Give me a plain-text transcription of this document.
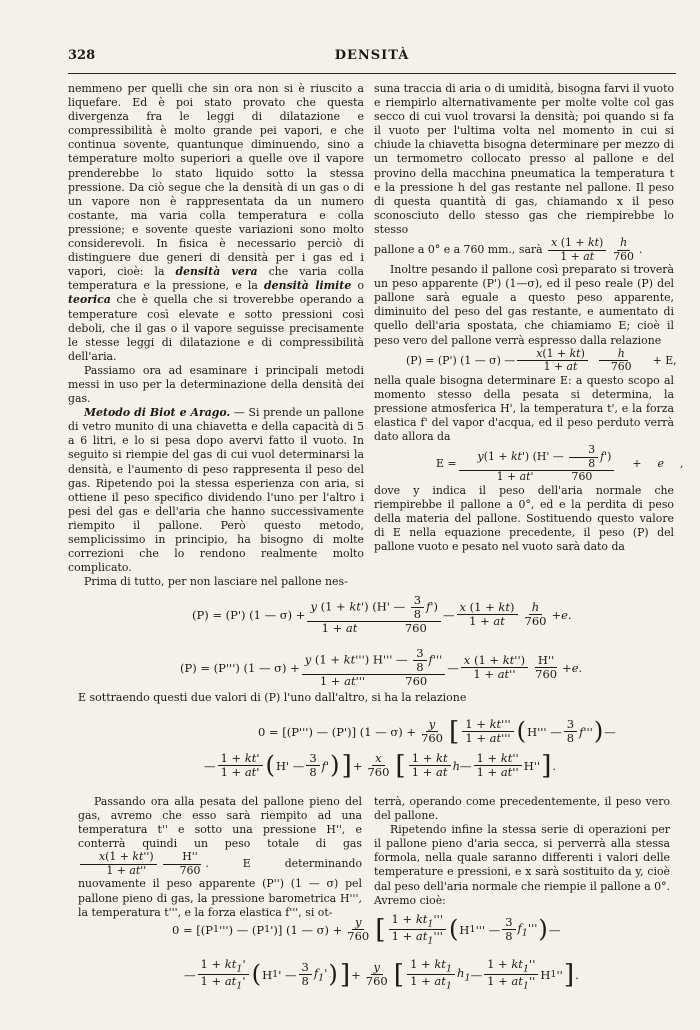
328	DENSITÀ

nemmeno per quelli che sin ora non si è riuscito a liquefare. Ed è poi stato provato che questa divergenza fra le leggi di dilatazione e compressibilità è molto grande pei vapori, e che continua sovente, quantunque diminuendo, sino a temperature molto superiori a quelle ove il vapore prenderebbe lo stato liquido sotto la stessa pressione. Da ciò segue che la densità di un gas o di un vapore non è rappresentata da un numero costante, ma varia colla temperatura e colla pressione; e sovente queste variazioni sono molto considerevoli. In fisica è necessario perciò di distinguere due generi di densità per i gas ed i vapori, cioè: la densità vera che varia colla temperatura e la pressione, e la densità limite o teorica che è quella che si troverebbe operando a temperature così elevate e sotto pressioni così deboli, che il gas o il vapore seguisse precisamente le stesse leggi di dilatazione e di compressibilità dell'aria.

Passiamo ora ad esaminare i principali metodi messi in uso per la determinazione della densità dei gas.

Metodo di Biot e Arago. — Si prende un pallone di vetro munito di una chiavetta e della capacità di 5 a 6 litri, e lo si pesa dopo avervi fatto il vuoto. In seguito si riempie del gas di cui vuol determinarsi la densità, e l'aumento di peso rappresenta il peso del gas. Ripetendo poi la stessa esperienza con aria, si ottiene il peso specifico dividendo l'uno per l'altro i pesi del gas e dell'aria che hanno successivamente riempito il pallone. Però questo metodo, semplicissimo in principio, ha bisogno di molte correzioni che lo rendono realmente molto complicato.

Prima di tutto, per non lasciare nel pallone nes-

suna traccia di aria o di umidità, bisogna farvi il vuoto e riempirlo alternativamente per molte volte col gas secco di cui vuol trovarsi la densità; poi quando si fa il vuoto per l'ultima volta nel momento in cui si chiude la chiavetta bisogna determinare per mezzo di un termometro collocato presso al pallone e del provino della macchina pneumatica la temperatura t e la pressione h del gas restante nel pallone. Il peso di questa quantità di gas, chiamando x il peso sconosciuto dello stesso gas che riempirebbe lo stesso
pallone a 0° e a 760 mm., sarà
$\frac{x (1 + kt)}{1 + at} \frac{h}{760}$ .

Inoltre pesando il pallone così preparato si troverà un peso apparente (P') (1—σ), ed il peso reale (P) del pallone sarà eguale a questo peso apparente, diminuito del peso del gas restante, e aumentato di quello dell'aria spostata, che chiamiamo E; cioè il peso vero del pallone verrà espresso dalla relazione

(P) = (P') (1 — σ) — $\frac{x(1 + kt)}{1 + at} \frac{h}{760} + E$,

nella quale bisogna determinare E: a questo scopo al momento stesso della pesata si determina, la pressione atmosferica H', la temperatura t', e la forza elastica f' del vapor d'acqua, ed il peso perduto verrà dato allora da

$E = \frac{y(1 + kt') (H' — \frac{3}{8} f')}{1 + at' 760}$ +	e ,

dove y indica il peso dell'aria normale che riempirebbe il pallone a 0°, ed e la perdita di peso della materia del pallone. Sostituendo questo valore di E nella equazione precedente, il peso (P) del pallone vuoto e pesato nel vuoto sarà dato da

(P) = (P') (1 — $\sigma) + \frac{y (1 + kt') (H' — \frac{3}{8} f')}{1 + at 760}$ — $\frac{x (1 + kt)}{1 + at} \frac{h}{760} + e$ .
(P) = (P''') (1 — $\sigma) + \frac{y (1 + kt''') H''' — \frac{3}{8} f'''}{1 + at''' 760}$ — $\frac{x (1 + kt'')}{1 + at''} \frac{H''}{760} + e$ .
E sottraendo questi due valori di (P) l'uno dall'altro, si ha la relazione
0 = [(P''') — (P')] (1 — $\sigma) + \frac{y}{760}$ [ $\frac{1 + kt'''}{1 + at'''}$ ( H''' — $\frac{3}{8} f'''$ ) —
— $\frac{1 + kt'}{1 + at'}$ ( H' — $\frac{3}{8} f'$ ) ] + $\frac{x}{760}$ [ $\frac{1 + kt}{1 + at}$ h — $\frac{1 + kt''}{1 + at''} H''$ ] .

Passando ora alla pesata del pallone pieno del gas, avremo che esso sarà riempito ad una temperatura t'' e sotto una pressione H'', e conterrà quindi un peso totale di gas
$\frac{x(1 + kt'')}{1 + at''} \frac{H''}{760}$ . E determinando nuovamente il peso apparente (P'') (1 — σ) pel pallone pieno di gas, la pressione barometrica H''', la temperatura t''', e la forza elastica f''', si ot-

terrà, operando come precedentemente, il peso vero del pallone.

Ripetendo infine la stessa serie di operazioni per il pallone pieno d'aria secca, si perverrà alla stessa formola, nella quale saranno differenti i valori delle temperature e pressioni, e x sarà sostituito da y, cioè dal peso dell'aria normale che riempie il pallone a 0°. Avremo cioè:

0 = [(P 1 ''') — (P 1 ')] (1 — $\sigma) + \frac{y}{760}$ [ $\frac{1 + kt_1'''}{1 + at_1'''}$ ( H 1 ''' — $\frac{3}{8} f_1'''$ ) —
— $\frac{1 + kt_1'}{1 + at_1'}$ ( H 1 ' — $\frac{3}{8} f_1'$ ) ] + $\frac{y}{760}$ [ $\frac{1 + kt_1}{1 + at_1} h_1$ — $\frac{1 + kt_1''}{1 + at_1''}$ H 1 '' ] .
